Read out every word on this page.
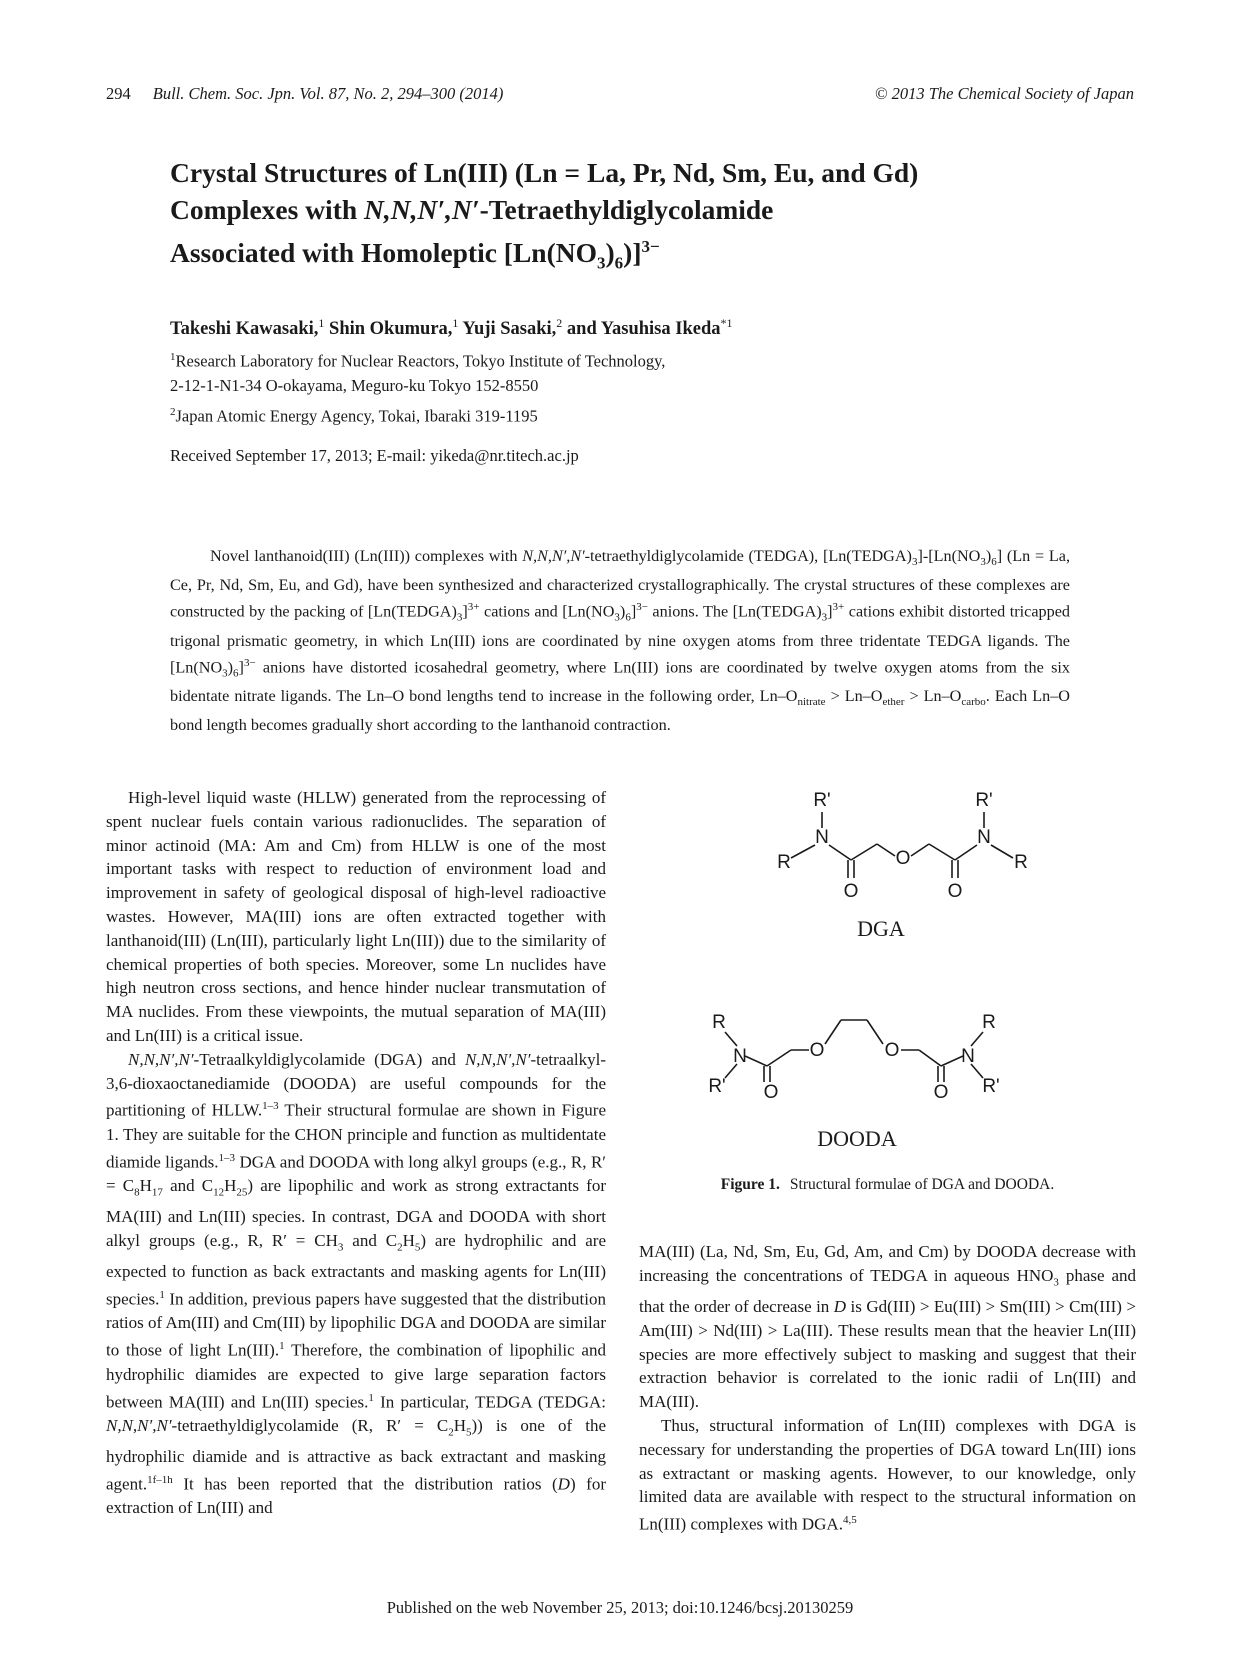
294 Bull. Chem. Soc. Jpn. Vol. 87, No. 2, 294–300 (2014)	© 2013 The Chemical Society of Japan
Crystal Structures of Ln(III) (Ln = La, Pr, Nd, Sm, Eu, and Gd)
Complexes with N,N,N′,N′-Tetraethyldiglycolamide
Associated with Homoleptic $[Ln(NO_3)_6)]^{3-}$
Takeshi Kawasaki,$^1$ Shin Okumura,$^1$ Yuji Sasaki,$^2$ and Yasuhisa Ikeda$^{*1}$
$^1$Research Laboratory for Nuclear Reactors, Tokyo Institute of Technology,
2-12-1-N1-34 O-okayama, Meguro-ku Tokyo 152-8550
$^2$Japan Atomic Energy Agency, Tokai, Ibaraki 319-1195
Received September 17, 2013; E-mail: yikeda@nr.titech.ac.jp
Novel lanthanoid(III) (Ln(III)) complexes with N,N,N′,N′-tetraethyldiglycolamide (TEDGA), $[Ln(TEDGA)_3]-[Ln(NO_3)_6] (Ln = La$, Ce, Pr, Nd, Sm, Eu, and Gd), have been synthesized and characterized crystallographically. The crystal structures of these complexes are constructed by the packing of $[Ln(TEDGA)_3]^{3+}$ cations and $[Ln(NO_3)_6]^{3-}$ anions. The $[Ln(TEDGA)_3]^{3+}$ cations exhibit distorted tricapped trigonal prismatic geometry, in which Ln(III) ions are coordinated by nine oxygen atoms from three tridentate TEDGA ligands. The $[Ln(NO_3)_6]^{3-}$ anions have distorted icosahedral geometry, where Ln(III) ions are coordinated by twelve oxygen atoms from the six bidentate nitrate ligands. The Ln–O bond lengths tend to increase in the following order, $Ln-O_{nitrate} > Ln-O_{ether} > Ln-O_{carbo}$. Each Ln–O bond length becomes gradually short according to the lanthanoid contraction.

High-level liquid waste (HLLW) generated from the reprocessing of spent nuclear fuels contain various radionuclides. The separation of minor actinoid (MA: Am and Cm) from HLLW is one of the most important tasks with respect to reduction of environment load and improvement in safety of geological disposal of high-level radioactive wastes. However, MA(III) ions are often extracted together with lanthanoid(III) (Ln(III), particularly light Ln(III)) due to the similarity of chemical properties of both species. Moreover, some Ln nuclides have high neutron cross sections, and hence hinder nuclear transmutation of MA nuclides. From these viewpoints, the mutual separation of MA(III) and Ln(III) is a critical issue.

N,N,N′,N′-Tetraalkyldiglycolamide (DGA) and N,N,N′,N′-tetraalkyl-3,6-dioxaoctanediamide (DOODA) are useful compounds for the partitioning of HLLW.$^{1-3}$ Their structural formulae are shown in Figure 1. They are suitable for the CHON principle and function as multidentate diamide ligands.$^{1-3}$ DGA and DOODA with long alkyl groups (e.g., R, $R' = C_8H_{17}$ and $C_{12}H_{25}$) are lipophilic and work as strong extractants for MA(III) and Ln(III) species. In contrast, DGA and DOODA with short alkyl groups (e.g., R, $R' = CH_3$ and $C_2H_5$) are hydrophilic and are expected to function as back extractants and masking agents for Ln(III) species.$^1$ In addition, previous papers have suggested that the distribution ratios of Am(III) and Cm(III) by lipophilic DGA and DOODA are similar to those of light Ln(III).$^1$ Therefore, the combination of lipophilic and hydrophilic diamides are expected to give large separation factors between MA(III) and Ln(III) species.$^1$ In particular, TEDGA (TEDGA: N,N,N′,N′-tetraethyldiglycolamide (R, $R' = C_2H_5$)) is one of the hydrophilic diamide and is attractive as back extractant and masking agent.$^{1f-1h}$ It has been reported that the distribution ratios (D) for extraction of Ln(III) and

R'
N
R
O
O
O
R'
N
R
R
N
R' O
O	O
O
N
R
R'
DGA
DOODA
Figure 1. Structural formulae of DGA and DOODA.

MA(III) (La, Nd, Sm, Eu, Gd, Am, and Cm) by DOODA decrease with increasing the concentrations of TEDGA in aqueous $HNO_3$ phase and that the order of decrease in D is Gd(III) > Eu(III) > Sm(III) > Cm(III) > Am(III) > Nd(III) > La(III). These results mean that the heavier Ln(III) species are more effectively subject to masking and suggest that their extraction behavior is correlated to the ionic radii of Ln(III) and MA(III).

Thus, structural information of Ln(III) complexes with DGA is necessary for understanding the properties of DGA toward Ln(III) ions as extractant or masking agents. However, to our knowledge, only limited data are available with respect to the structural information on Ln(III) complexes with DGA.$^{4,5}$

Published on the web November 25, 2013; doi:10.1246/bcsj.20130259
